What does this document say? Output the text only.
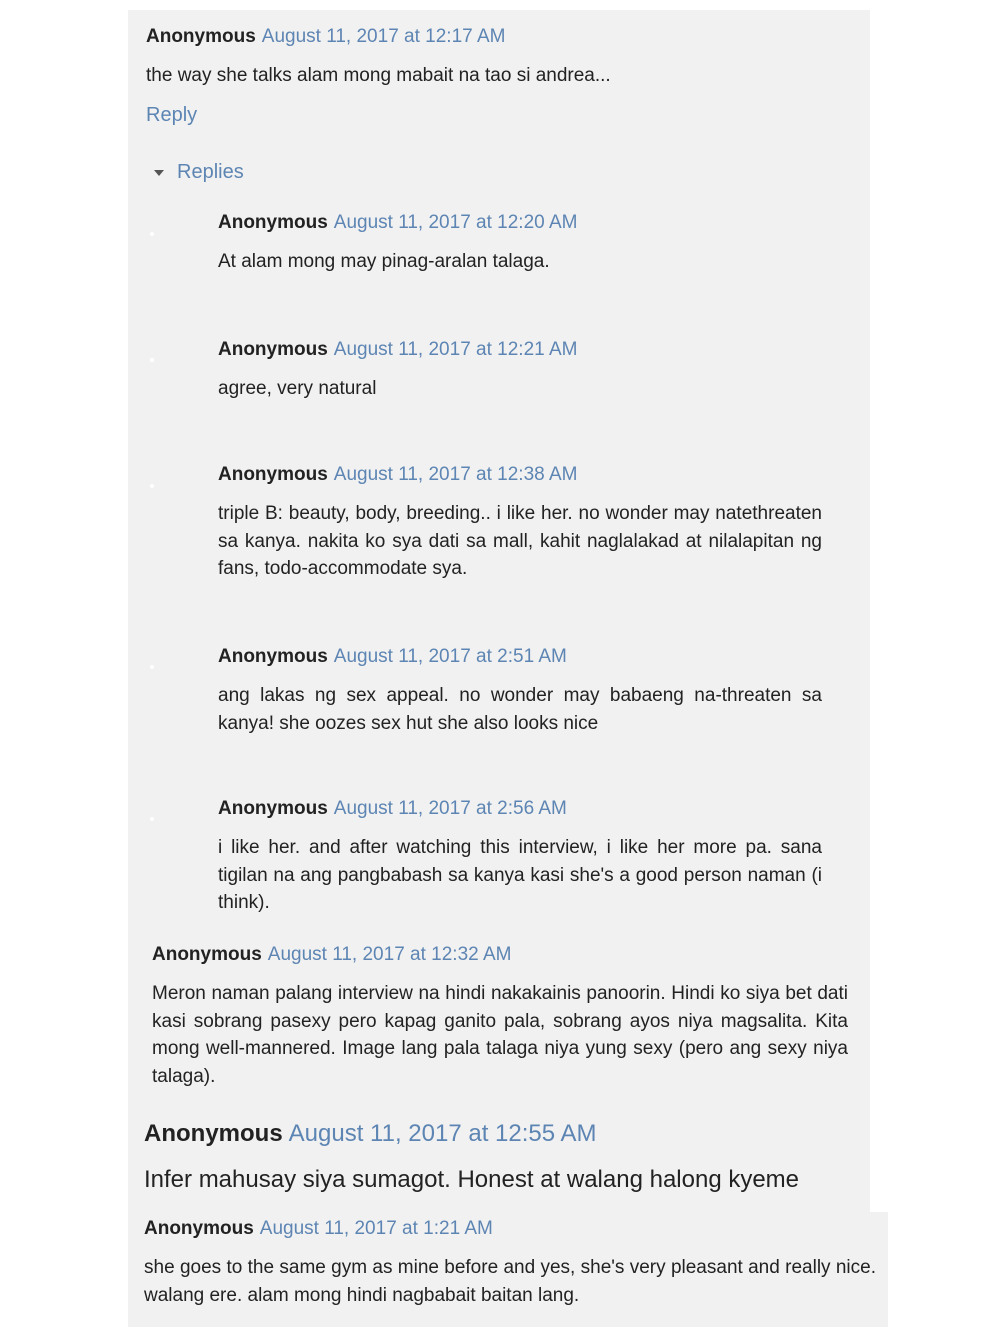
Anonymous August 11, 2017 at 12:17 AM
the way she talks alam mong mabait na tao si andrea...
Reply
Replies
Anonymous August 11, 2017 at 12:20 AM
At alam mong may pinag-aralan talaga.
Anonymous August 11, 2017 at 12:21 AM
agree, very natural
Anonymous August 11, 2017 at 12:38 AM
triple B: beauty, body, breeding.. i like her. no wonder may natethreaten sa kanya. nakita ko sya dati sa mall, kahit naglalakad at nilalapitan ng fans, todo-accommodate sya.
Anonymous August 11, 2017 at 2:51 AM
ang lakas ng sex appeal. no wonder may babaeng na-threaten sa kanya! she oozes sex hut she also looks nice
Anonymous August 11, 2017 at 2:56 AM
i like her. and after watching this interview, i like her more pa. sana tigilan na ang pangbabash sa kanya kasi she's a good person naman (i think).
Anonymous August 11, 2017 at 12:32 AM
Meron naman palang interview na hindi nakakainis panoorin. Hindi ko siya bet dati kasi sobrang pasexy pero kapag ganito pala, sobrang ayos niya magsalita. Kita mong well-mannered. Image lang pala talaga niya yung sexy (pero ang sexy niya talaga).
Anonymous August 11, 2017 at 12:55 AM
Infer mahusay siya sumagot. Honest at walang halong kyeme
Anonymous August 11, 2017 at 1:21 AM
she goes to the same gym as mine before and yes, she's very pleasant and really nice. walang ere. alam mong hindi nagbabait baitan lang.
